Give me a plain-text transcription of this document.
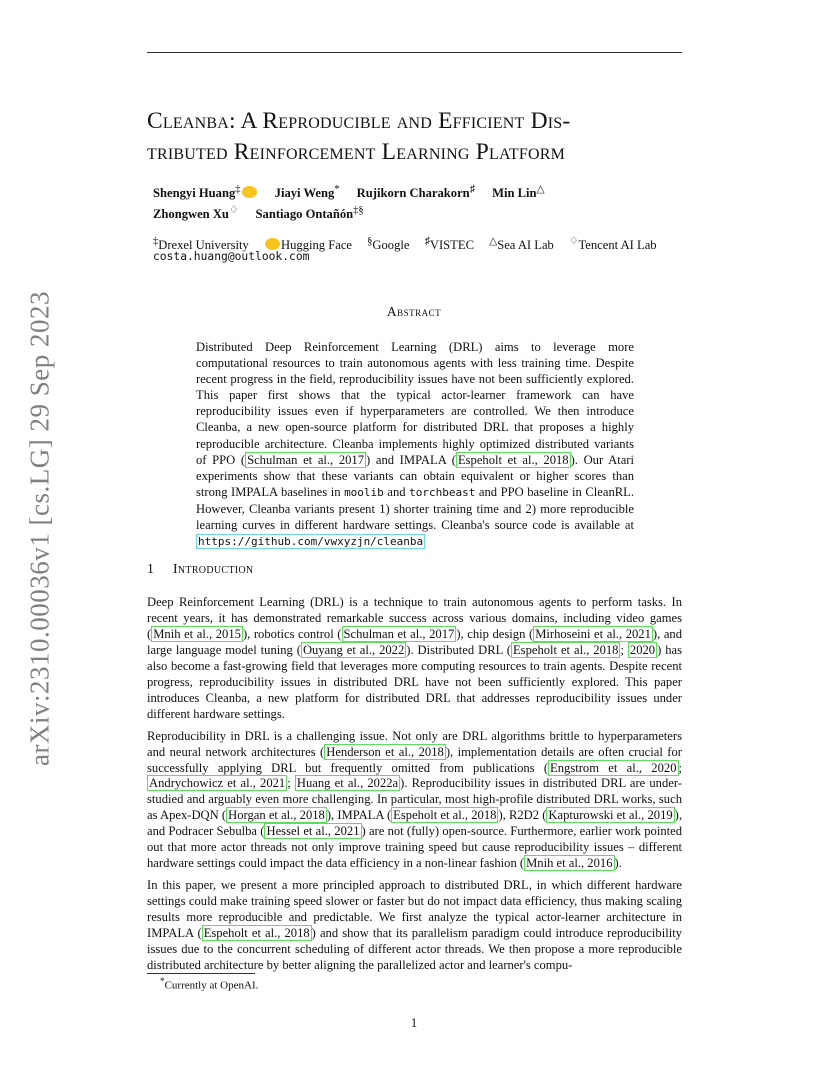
arXiv:2310.00036v1 [cs.LG] 29 Sep 2023
Cleanba: A Reproducible and Efficient Dis-
tributed Reinforcement Learning Platform
Shengyi Huang‡	Jiayi Weng* Rujikorn Charakorn♯ Min Lin△
Zhongwen Xu♢ Santiago Ontañón‡§
‡Drexel University	Hugging Face §Google ♯VISTEC △Sea AI Lab ♢Tencent AI Lab
costa.huang@outlook.com
Abstract

Distributed Deep Reinforcement Learning (DRL) aims to leverage more computational resources to train autonomous agents with less training time. Despite recent progress in the field, reproducibility issues have not been sufficiently explored. This paper first shows that the typical actor-learner framework can have reproducibility issues even if hyperparameters are controlled. We then introduce Cleanba, a new open-source platform for distributed DRL that proposes a highly reproducible architecture. Cleanba implements highly optimized distributed variants of PPO ( Schulman et al., 2017 ) and IMPALA ( Espeholt et al., 2018 ). Our Atari experiments show that these variants can obtain equivalent or higher scores than strong IMPALA baselines in moolib and torchbeast and PPO baseline in CleanRL. However, Cleanba variants present 1) shorter training time and 2) more reproducible learning curves in different hardware settings. Cleanba's source code is available at https://github.com/vwxyzjn/cleanba

1 Introduction

Deep Reinforcement Learning (DRL) is a technique to train autonomous agents to perform tasks. In recent years, it has demonstrated remarkable success across various domains, including video games ( Mnih et al., 2015 ), robotics control ( Schulman et al., 2017 ), chip design ( Mirhoseini et al., 2021 ), and large language model tuning ( Ouyang et al., 2022 ). Distributed DRL ( Espeholt et al., 2018 ; 2020 ) has also become a fast-growing field that leverages more computing resources to train agents. Despite recent progress, reproducibility issues in distributed DRL have not been sufficiently explored. This paper introduces Cleanba, a new platform for distributed DRL that addresses reproducibility issues under different hardware settings.

Reproducibility in DRL is a challenging issue. Not only are DRL algorithms brittle to hyperparameters and neural network architectures ( Henderson et al., 2018 ), implementation details are often crucial for successfully applying DRL but frequently omitted from publications ( Engstrom et al., 2020 ; Andrychowicz et al., 2021 ; Huang et al., 2022a ). Reproducibility issues in distributed DRL are under-studied and arguably even more challenging. In particular, most high-profile distributed DRL works, such as Apex-DQN ( Horgan et al., 2018 ), IMPALA ( Espeholt et al., 2018 ), R2D2 ( Kapturowski et al., 2019 ), and Podracer Sebulba ( Hessel et al., 2021 ) are not (fully) open-source. Furthermore, earlier work pointed out that more actor threads not only improve training speed but cause reproducibility issues – different hardware settings could impact the data efficiency in a non-linear fashion ( Mnih et al., 2016 ).

In this paper, we present a more principled approach to distributed DRL, in which different hardware settings could make training speed slower or faster but do not impact data efficiency, thus making scaling results more reproducible and predictable. We first analyze the typical actor-learner architecture in IMPALA ( Espeholt et al., 2018 ) and show that its parallelism paradigm could introduce reproducibility issues due to the concurrent scheduling of different actor threads. We then propose a more reproducible distributed architecture by better aligning the parallelized actor and learner's compu-

*Currently at OpenAI.
1
